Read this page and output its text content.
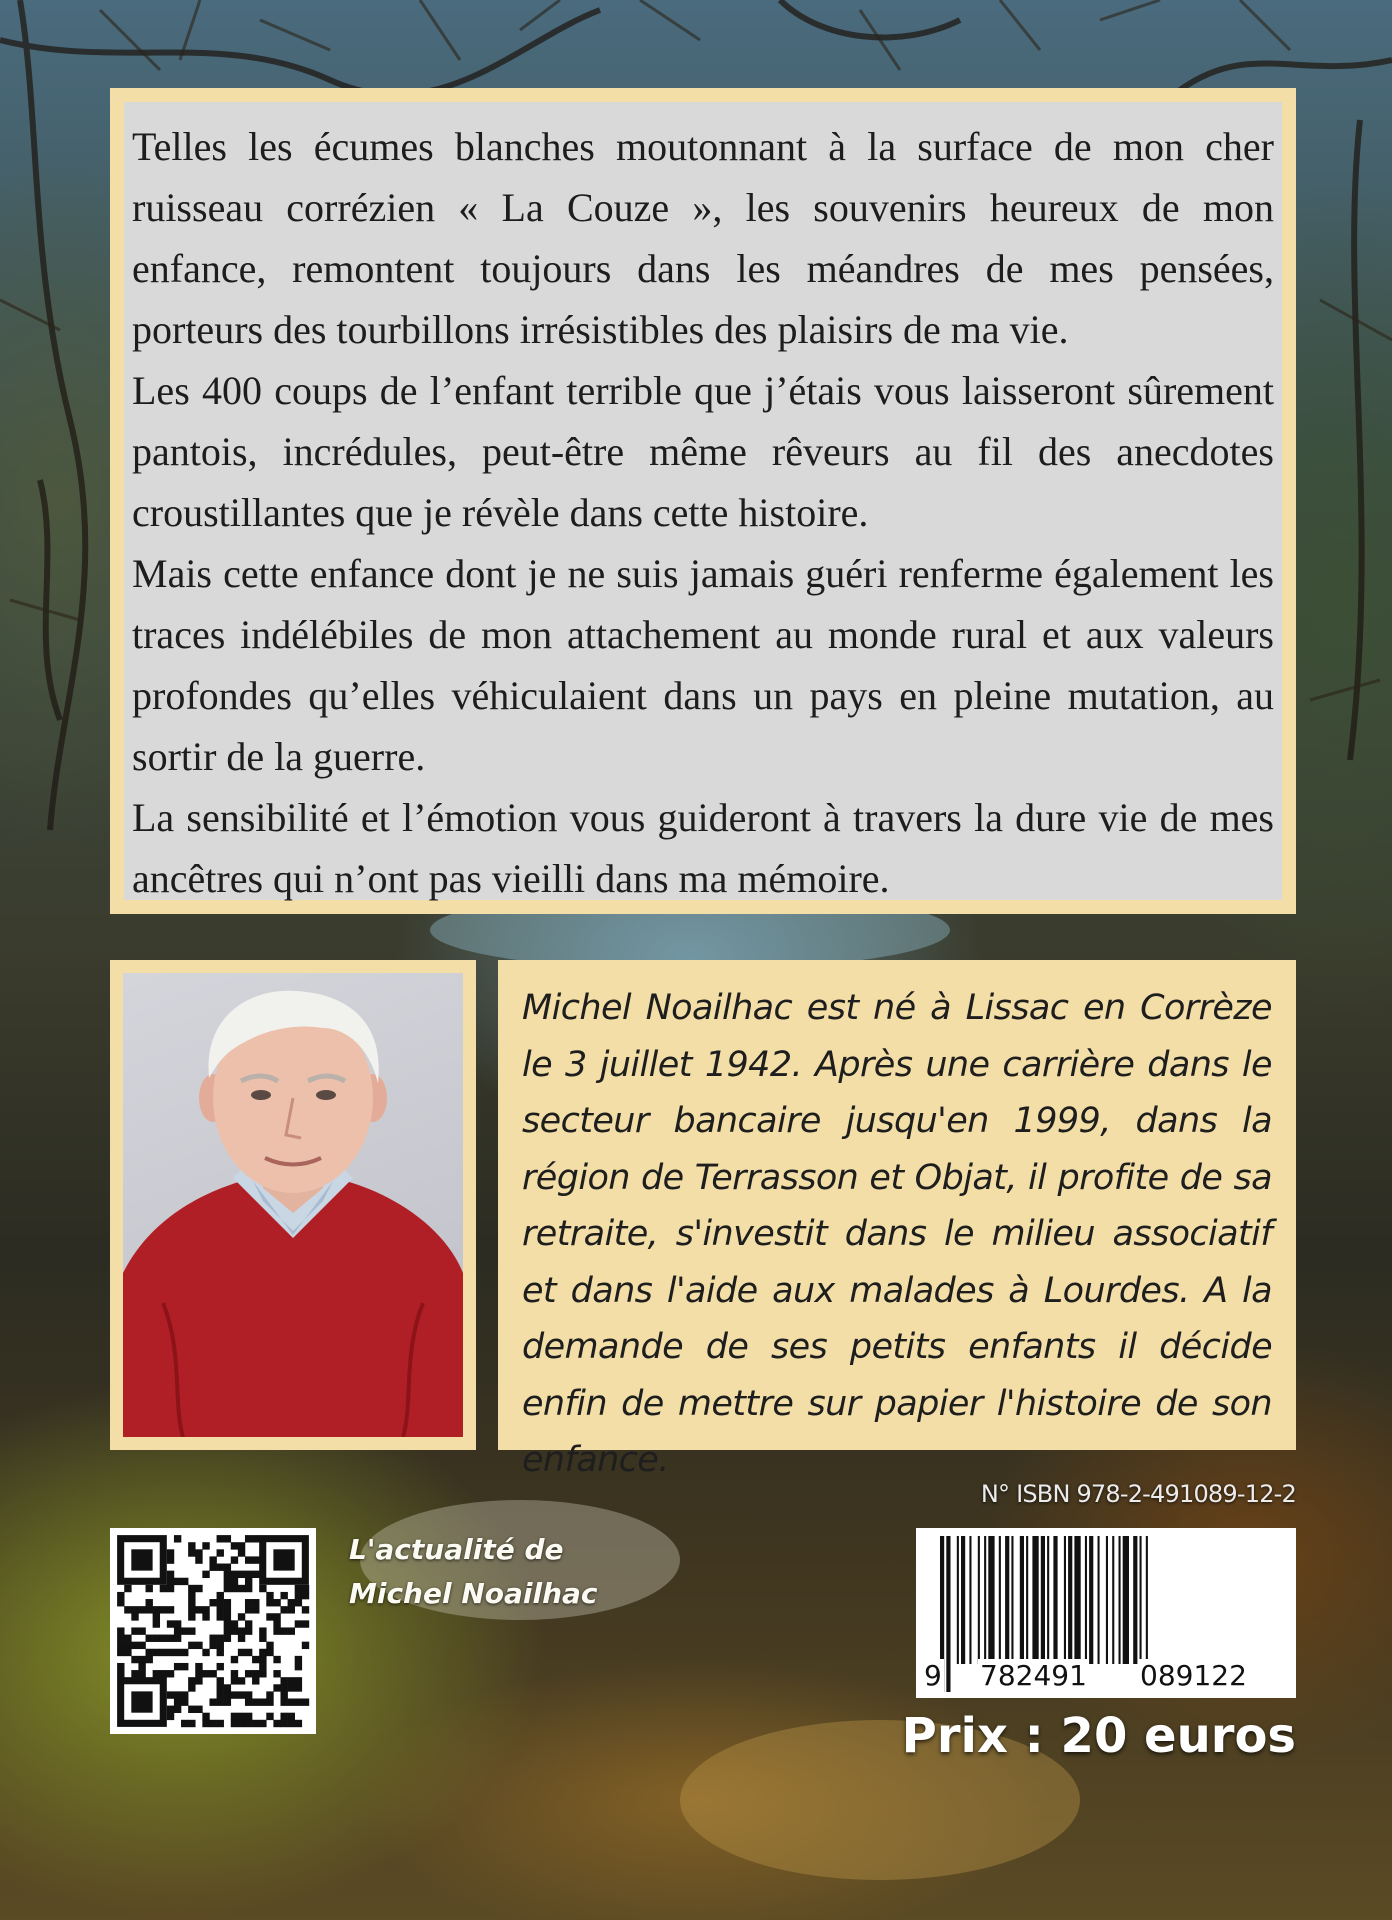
Telles les écumes blanches moutonnant à la surface de mon cher ruisseau corrézien « La Couze », les souvenirs heureux de mon enfance, remontent toujours dans les méandres de mes pensées, porteurs des tourbillons irrésistibles des plaisirs de ma vie.

Les 400 coups de l’enfant terrible que j’étais vous laisseront sûrement pantois, incrédules, peut-être même rêveurs au fil des anecdotes croustillantes que je révèle dans cette histoire.

Mais cette enfance dont je ne suis jamais guéri renferme également les traces indélébiles de mon attachement au monde rural et aux valeurs profondes qu’elles véhiculaient dans un pays en pleine mutation, au sortir de la guerre.

La sensibilité et l’émotion vous guideront à travers la dure vie de mes ancêtres qui n’ont pas vieilli dans ma mémoire.

Michel Noailhac est né à Lissac en Corrèze le 3 juillet 1942. Après une carrière dans le secteur bancaire jusqu'en 1999, dans la région de Terrasson et Objat, il profite de sa retraite, s'investit dans le milieu associatif et dans l'aide aux malades à Lourdes. A la demande de ses petits enfants il décide enfin de mettre sur papier l'histoire de son enfance.

L'actualité de
Michel Noailhac
N° ISBN 978-2-491089-12-2
9 782491 089122
Prix : 20 euros
